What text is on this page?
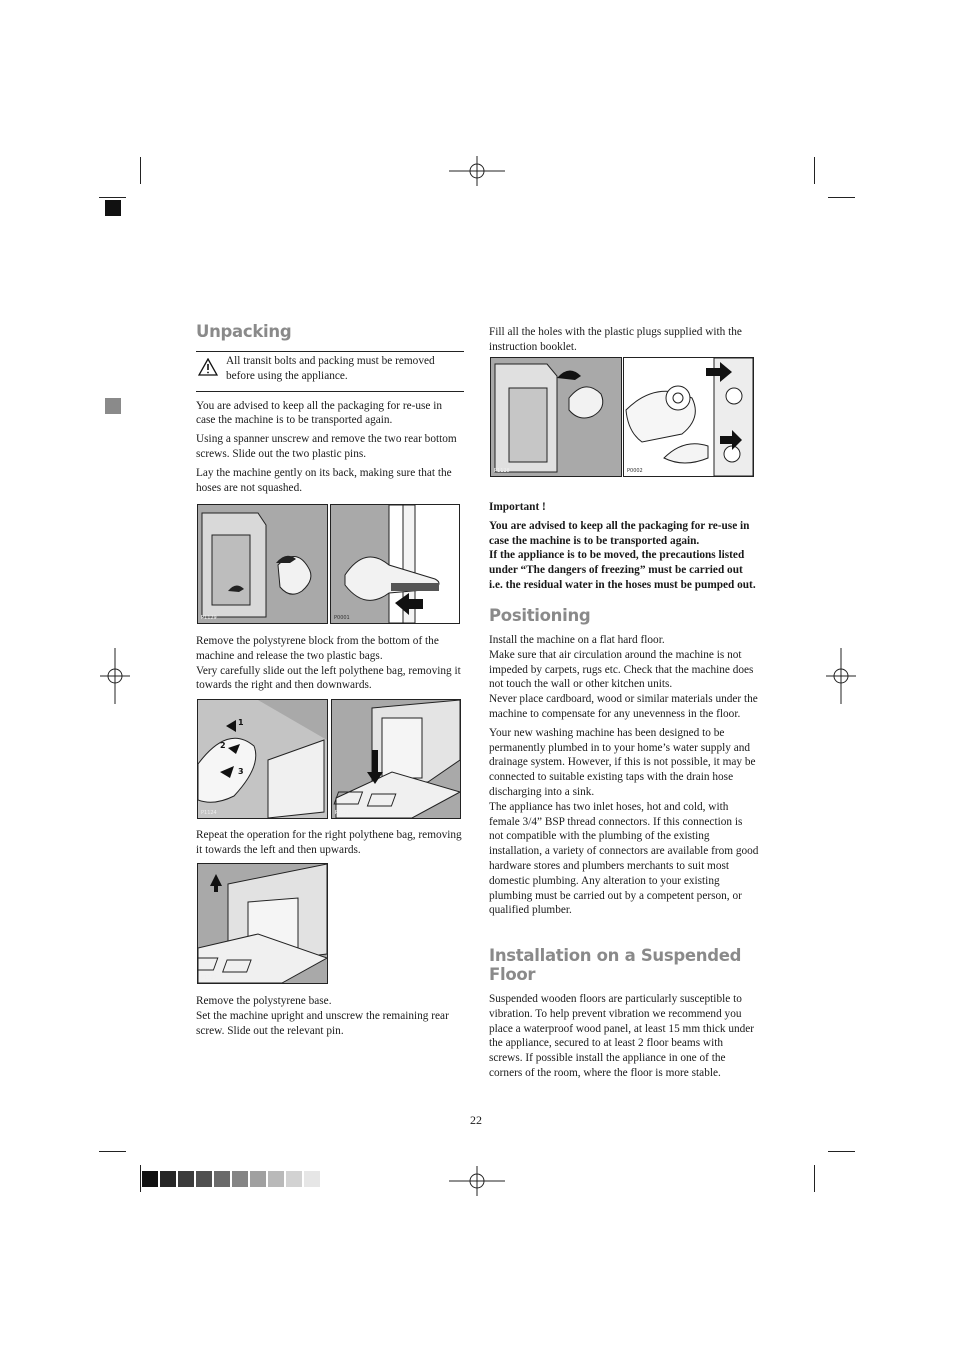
Unpacking

All transit bolts and packing must be removed before using the appliance.

You are advised to keep all the packaging for re-use in case the machine is to be transported again.

Using a spanner unscrew and remove the two rear bottom screws. Slide out the two plastic pins.

Lay the machine gently on its back, making sure that the hoses are not squashed.

P1129	P0001

Remove the polystyrene block from the bottom of the machine and release the two plastic bags.

Very carefully slide out the left polythene bag, removing it towards the right and then downwards.

1
2
3
P1124	P1125

Repeat the operation for the right polythene bag, removing it towards the left and then upwards.

P1127

Remove the polystyrene base.

Set the machine upright and unscrew the remaining rear screw. Slide out the relevant pin.

Fill all the holes with the plastic plugs supplied with the instruction booklet.

P1128	P0002

Important !

You are advised to keep all the packaging for re-use in case the machine is to be transported again.

If the appliance is to be moved, the precautions listed under “The dangers of freezing” must be carried out i.e. the residual water in the hoses must be pumped out.

Positioning

Install the machine on a flat hard floor.

Make sure that air circulation around the machine is not impeded by carpets, rugs etc. Check that the machine does not touch the wall or other kitchen units.

Never place cardboard, wood or similar materials under the machine to compensate for any unevenness in the floor.

Your new washing machine has been designed to be permanently plumbed in to your home’s water supply and drainage system. However, if this is not possible, it may be connected to suitable existing taps with the drain hose discharging into a sink.

The appliance has two inlet hoses, hot and cold, with female 3/4” BSP thread connectors. If this connection is not compatible with the plumbing of the existing installation, a variety of connectors are available from good hardware stores and plumbers merchants to suit most domestic plumbing. Any alteration to your existing plumbing must be carried out by a competent person, or qualified plumber.

Installation on a Suspended Floor

Suspended wooden floors are particularly susceptible to vibration. To help prevent vibration we recommend you place a waterproof wood panel, at least 15 mm thick under the appliance, secured to at least 2 floor beams with screws. If possible install the appliance in one of the corners of the room, where the floor is more stable.

22
